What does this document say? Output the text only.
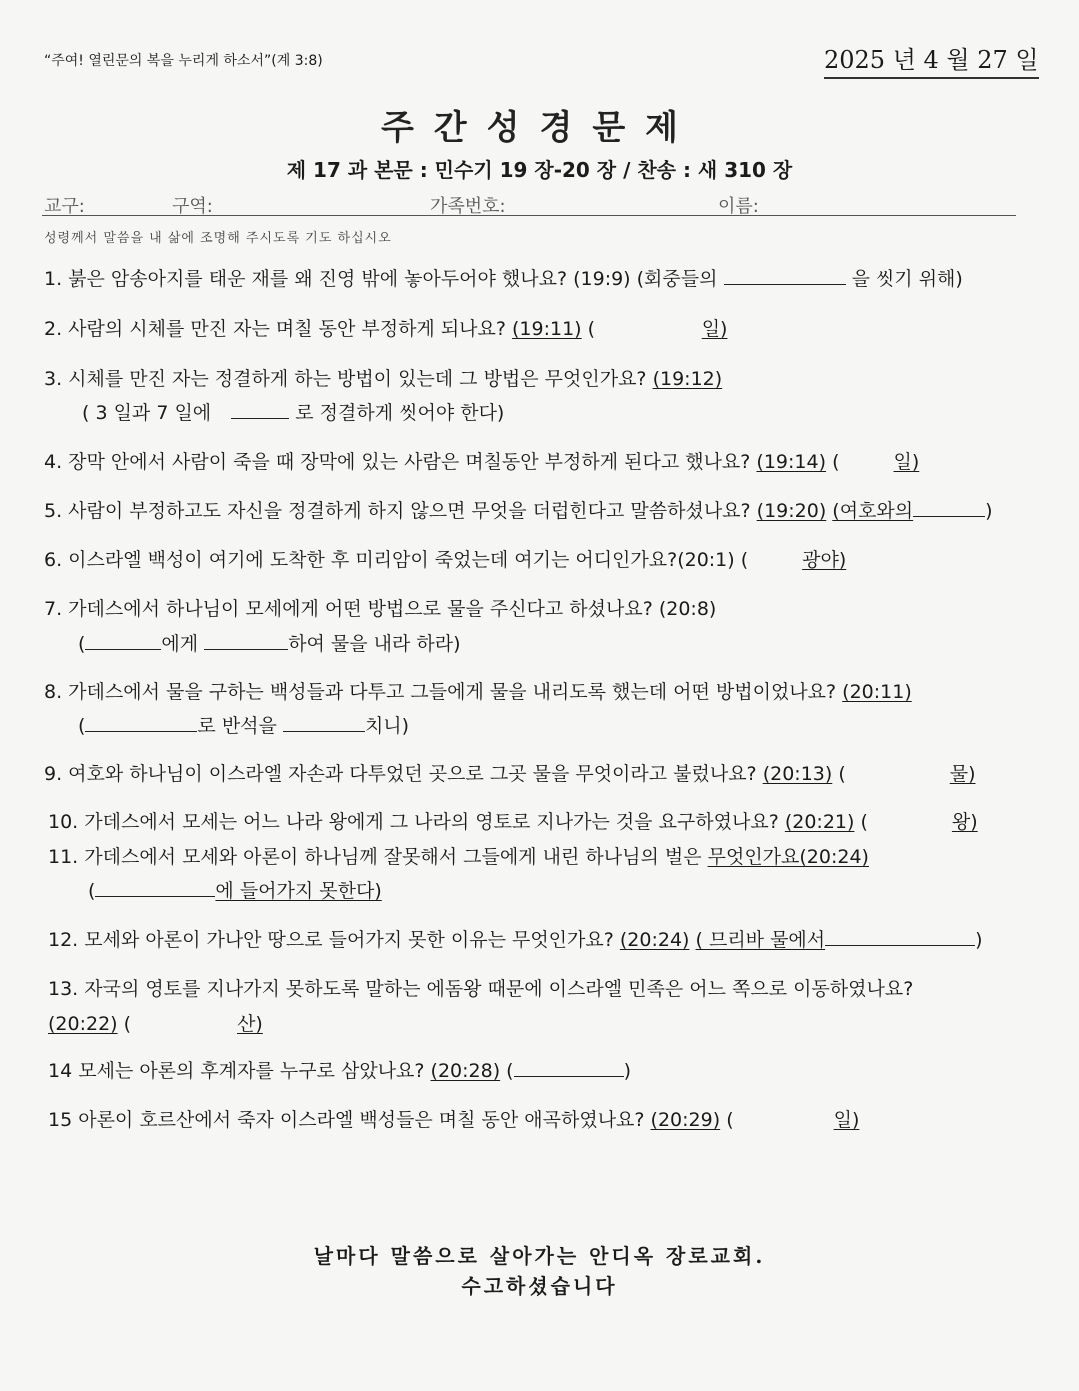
“주여! 열린문의 복을 누리게 하소서”(계 3:8)	2025 년 4 월 27 일
주간성경문제
제 17 과 본문 : 민수기 19 장-20 장 / 찬송 : 새 310 장
교구:	구역:	가족번호:	이름:
성령께서 말씀을 내 삶에 조명해 주시도록 기도 하십시오
1. 붉은 암송아지를 태운 재를 왜 진영 밖에 놓아두어야 했나요? (19:9) (회중들의	을 씻기 위해)
2. 사람의 시체를 만진 자는 며칠 동안 부정하게 되나요? (19:11) (	일)
3. 시체를 만진 자는 정결하게 하는 방법이 있는데 그 방법은 무엇인가요? (19:12)
( 3 일과 7 일에	로 정결하게 씻어야 한다)
4. 장막 안에서 사람이 죽을 때 장막에 있는 사람은 며칠동안 부정하게 된다고 했나요? (19:14) (	일)
5. 사람이 부정하고도 자신을 정결하게 하지 않으면 무엇을 더럽힌다고 말씀하셨나요? (19:20) (여호와의	)
6. 이스라엘 백성이 여기에 도착한 후 미리암이 죽었는데 여기는 어디인가요?(20:1) (	광야)
7. 가데스에서 하나님이 모세에게 어떤 방법으로 물을 주신다고 하셨나요? (20:8)
(	에게	하여 물을 내라 하라)
8. 가데스에서 물을 구하는 백성들과 다투고 그들에게 물을 내리도록 했는데 어떤 방법이었나요? (20:11)
(	로 반석을	치니)
9. 여호와 하나님이 이스라엘 자손과 다투었던 곳으로 그곳 물을 무엇이라고 불렀나요? (20:13) (	물)
10. 가데스에서 모세는 어느 나라 왕에게 그 나라의 영토로 지나가는 것을 요구하였나요? (20:21) (	왕)
11. 가데스에서 모세와 아론이 하나님께 잘못해서 그들에게 내린 하나님의 벌은 무엇인가요(20:24)
(	에 들어가지 못한다)
12. 모세와 아론이 가나안 땅으로 들어가지 못한 이유는 무엇인가요? (20:24) ( 므리바 물에서	)
13. 자국의 영토를 지나가지 못하도록 말하는 에돔왕 때문에 이스라엘 민족은 어느 쪽으로 이동하였나요?
(20:22) (	산)
14 모세는 아론의 후계자를 누구로 삼았나요? (20:28) (	)
15 아론이 호르산에서 죽자 이스라엘 백성들은 며칠 동안 애곡하였나요? (20:29) (	일)
날마다 말씀으로 살아가는 안디옥 장로교회.
수고하셨습니다
